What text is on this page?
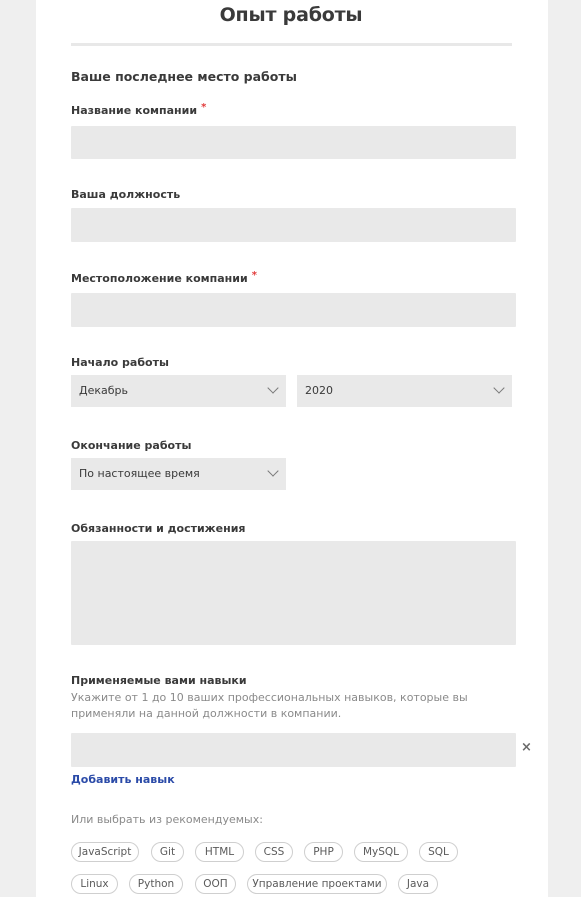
Опыт работы
Ваше последнее место работы
Название компании *
Ваша должность
Местоположение компании *
Начало работы
Декабрь	2020
Окончание работы
По настоящее время
Обязанности и достижения
Применяемые вами навыки
Укажите от 1 до 10 ваших профессиональных навыков, которые вы применяли на данной должности в компании.
×
Добавить навык
Или выбрать из рекомендуемых:
JavaScript	Git	HTML	CSS	PHP	MySQL	SQL
Linux	Python	ООП	Управление проектами	Java
